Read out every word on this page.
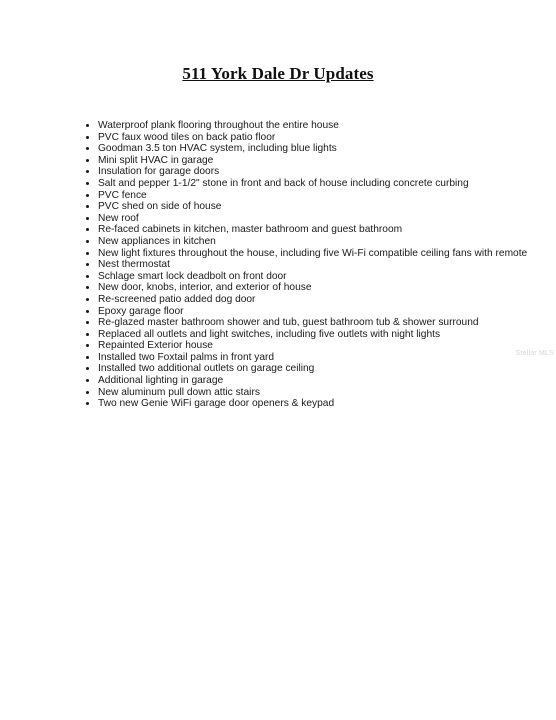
511 York Dale Dr Updates
• Waterproof plank flooring throughout the entire house
• PVC faux wood tiles on back patio floor
• Goodman 3.5 ton HVAC system, including blue lights
• Mini split HVAC in garage
• Insulation for garage doors
• Salt and pepper 1-1/2" stone in front and back of house including concrete curbing
• PVC fence
• PVC shed on side of house
• New roof
• Re-faced cabinets in kitchen, master bathroom and guest bathroom
• New appliances in kitchen
• New light fixtures throughout the house, including five Wi-Fi compatible ceiling fans with remote
• Nest thermostat
• Schlage smart lock deadbolt on front door
• New door, knobs, interior, and exterior of house
• Re-screened patio added dog door
• Epoxy garage floor
• Re-glazed master bathroom shower and tub, guest bathroom tub & shower surround
• Replaced all outlets and light switches, including five outlets with night lights
• Repainted Exterior house
• Installed two Foxtail palms in front yard
• Installed two additional outlets on garage ceiling
• Additional lighting in garage
• New aluminum pull down attic stairs
• Two new Genie WiFi garage door openers & keypad
Stellar MLS
